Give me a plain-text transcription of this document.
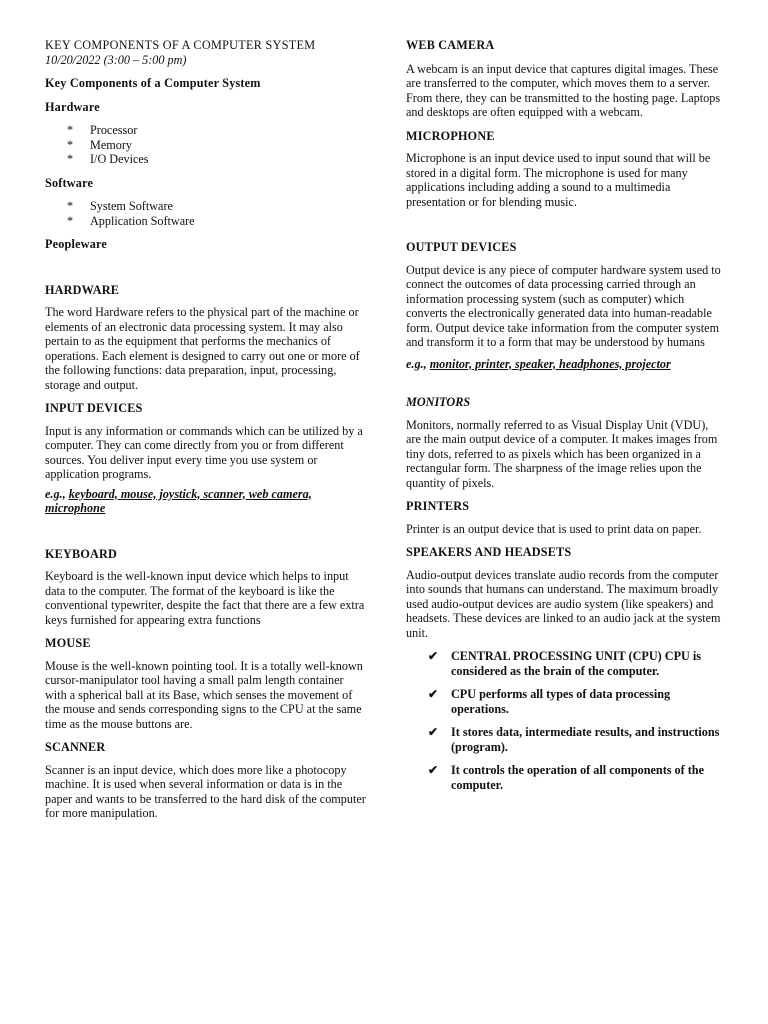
KEY COMPONENTS OF A COMPUTER SYSTEM

10/20/2022 (3:00 – 5:00 pm)

Key Components of a Computer System

Hardware

* Processor
* Memory
* I/O Devices

Software

* System Software
* Application Software

Peopleware

HARDWARE

The word Hardware refers to the physical part of the machine or elements of an electronic data processing system. It may also pertain to as the equipment that performs the mechanics of operations. Each element is designed to carry out one or more of the following functions: data preparation, input, processing, storage and output.

INPUT DEVICES

Input is any information or commands which can be utilized by a computer. They can come directly from you or from different sources. You deliver input every time you use system or application programs.

e.g., keyboard, mouse, joystick, scanner, web camera, microphone

KEYBOARD

Keyboard is the well-known input device which helps to input data to the computer. The format of the keyboard is like the conventional typewriter, despite the fact that there are a few extra keys furnished for appearing extra functions

MOUSE

Mouse is the well-known pointing tool. It is a totally well-known cursor-manipulator tool having a small palm length container with a spherical ball at its Base, which senses the movement of the mouse and sends corresponding signs to the CPU at the same time as the mouse buttons are.

SCANNER

Scanner is an input device, which does more like a photocopy machine. It is used when several information or data is in the paper and wants to be transferred to the hard disk of the computer for more manipulation.

WEB CAMERA

A webcam is an input device that captures digital images. These are transferred to the computer, which moves them to a server. From there, they can be transmitted to the hosting page. Laptops and desktops are often equipped with a webcam.

MICROPHONE

Microphone is an input device used to input sound that will be stored in a digital form. The microphone is used for many applications including adding a sound to a multimedia presentation or for blending music.

OUTPUT DEVICES

Output device is any piece of computer hardware system used to connect the outcomes of data processing carried through an information processing system (such as computer) which converts the electronically generated data into human-readable form. Output device take information from the computer system and transform it to a form that may be understood by humans

e.g., monitor, printer, speaker, headphones, projector

MONITORS

Monitors, normally referred to as Visual Display Unit (VDU), are the main output device of a computer. It makes images from tiny dots, referred to as pixels which has been organized in a rectangular form. The sharpness of the image relies upon the quantity of pixels.

PRINTERS

Printer is an output device that is used to print data on paper.

SPEAKERS AND HEADSETS

Audio-output devices translate audio records from the computer into sounds that humans can understand. The maximum broadly used audio-output devices are audio system (like speakers) and headsets. These devices are linked to an audio jack at the system unit.

✔ CENTRAL PROCESSING UNIT (CPU) CPU is considered as the brain of the computer.
✔ CPU performs all types of data processing operations.
✔ It stores data, intermediate results, and instructions (program).
✔ It controls the operation of all components of the computer.
